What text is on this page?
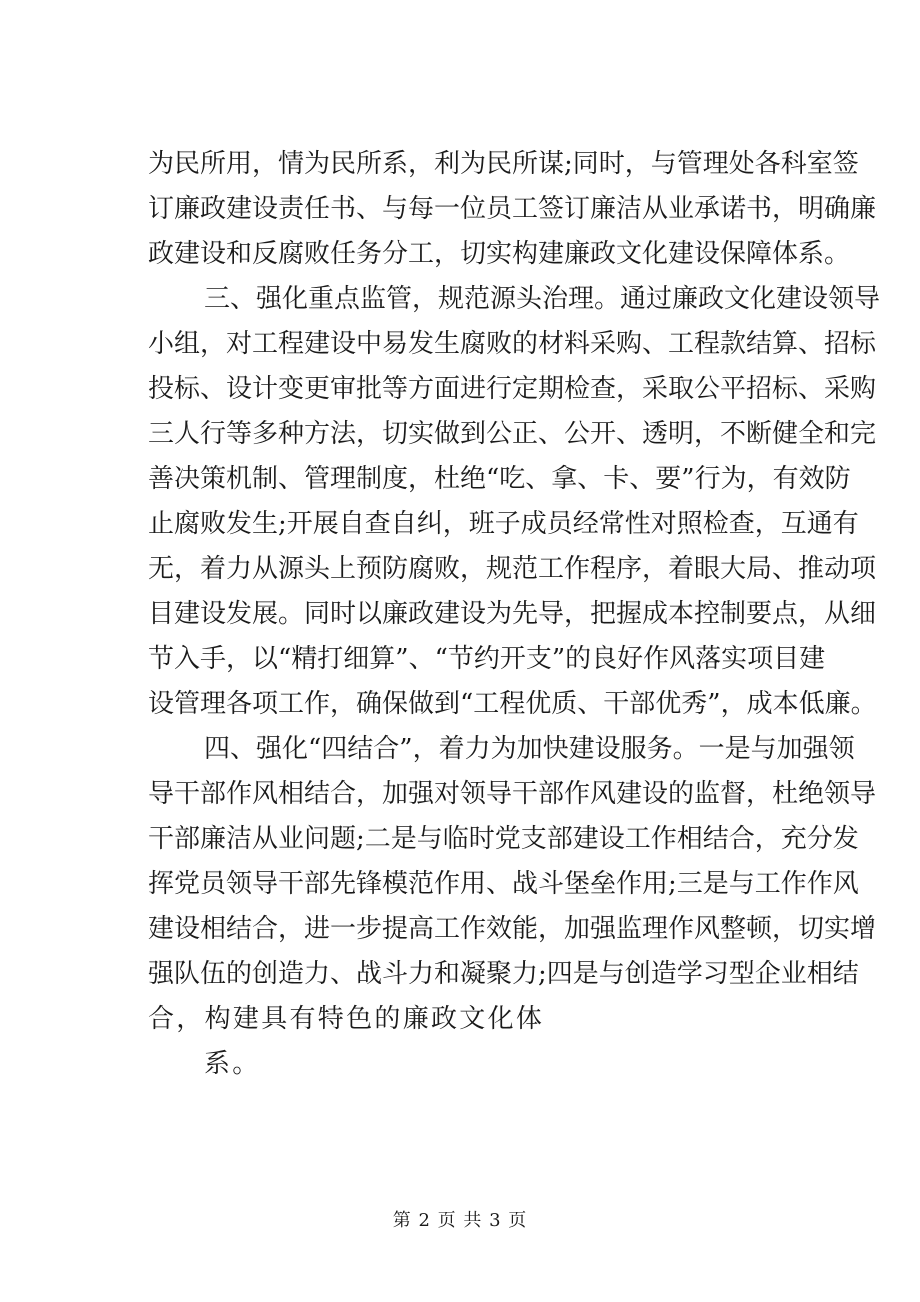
为民所用，情为民所系，利为民所谋;同时，与管理处各科室签
订廉政建设责任书、与每一位员工签订廉洁从业承诺书，明确廉
政建设和反腐败任务分工，切实构建廉政文化建设保障体系。
三、强化重点监管，规范源头治理。通过廉政文化建设领导
小组，对工程建设中易发生腐败的材料采购、工程款结算、招标
投标、设计变更审批等方面进行定期检查，采取公平招标、采购
三人行等多种方法，切实做到公正、公开、透明，不断健全和完
善决策机制、管理制度，杜绝“吃、拿、卡、要”行为，有效防
止腐败发生;开展自查自纠，班子成员经常性对照检查，互通有
无，着力从源头上预防腐败，规范工作程序，着眼大局、推动项
目建设发展。同时以廉政建设为先导，把握成本控制要点，从细
节入手，以“精打细算”、“节约开支”的良好作风落实项目建
设管理各项工作，确保做到“工程优质、干部优秀”，成本低廉。
四、强化“四结合”，着力为加快建设服务。一是与加强领
导干部作风相结合，加强对领导干部作风建设的监督，杜绝领导
干部廉洁从业问题;二是与临时党支部建设工作相结合，充分发
挥党员领导干部先锋模范作用、战斗堡垒作用;三是与工作作风
建设相结合，进一步提高工作效能，加强监理作风整顿，切实增
强队伍的创造力、战斗力和凝聚力;四是与创造学习型企业相结
合，构建具有特色的廉政文化体
系。
第 2 页 共 3 页
